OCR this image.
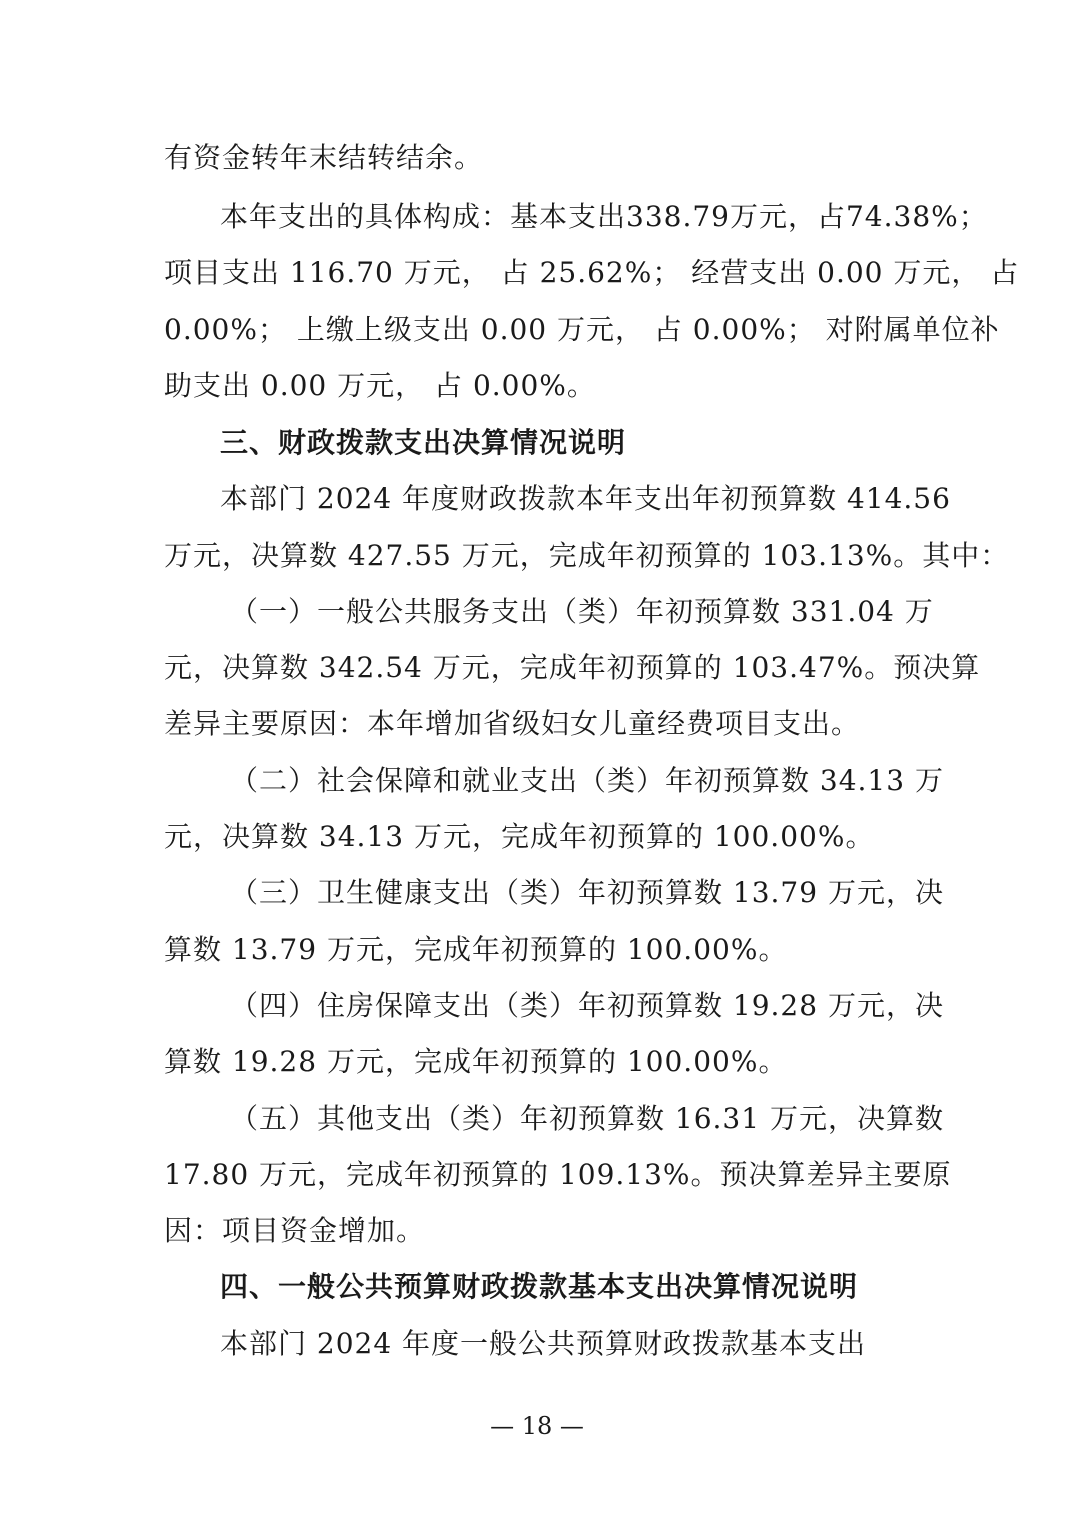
有资金转年末结转结余。
本年支出的具体构成：基本支出338.79万元，占74.38%；
项目支出 116.70 万元， 占 25.62%； 经营支出 0.00 万元， 占
0.00%； 上缴上级支出 0.00 万元， 占 0.00%； 对附属单位补
助支出 0.00 万元， 占 0.00%。
三、财政拨款支出决算情况说明
本部门 2024 年度财政拨款本年支出年初预算数 414.56
万元，决算数 427.55 万元，完成年初预算的 103.13%。其中：
（一）一般公共服务支出（类）年初预算数 331.04 万
元，决算数 342.54 万元，完成年初预算的 103.47%。预决算
差异主要原因：本年增加省级妇女儿童经费项目支出。
（二）社会保障和就业支出（类）年初预算数 34.13 万
元，决算数 34.13 万元，完成年初预算的 100.00%。
（三）卫生健康支出（类）年初预算数 13.79 万元，决
算数 13.79 万元，完成年初预算的 100.00%。
（四）住房保障支出（类）年初预算数 19.28 万元，决
算数 19.28 万元，完成年初预算的 100.00%。
（五）其他支出（类）年初预算数 16.31 万元，决算数
17.80 万元，完成年初预算的 109.13%。预决算差异主要原
因：项目资金增加。
四、一般公共预算财政拨款基本支出决算情况说明
本部门 2024 年度一般公共预算财政拨款基本支出
— 18 —
